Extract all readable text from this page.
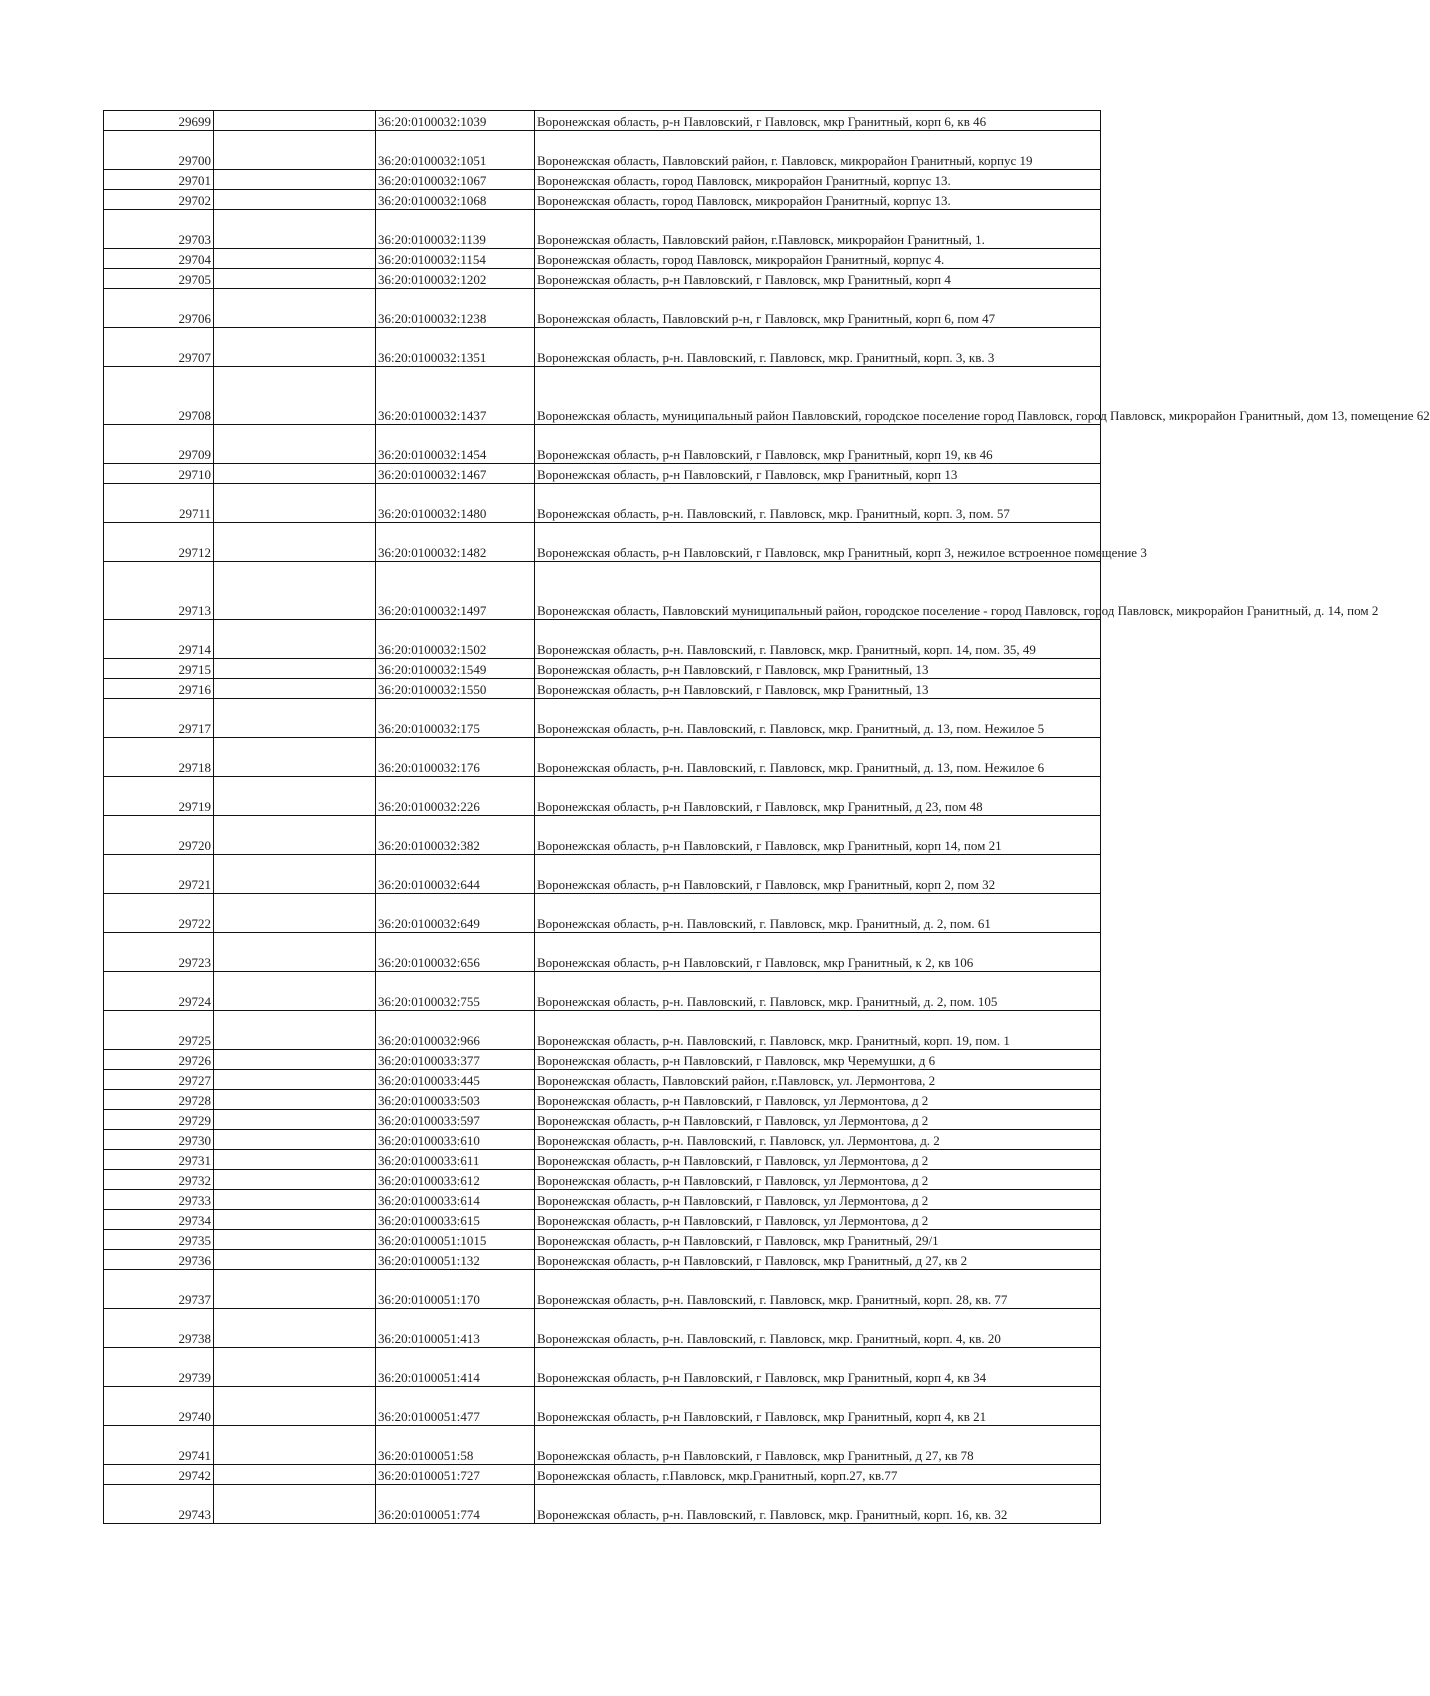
29699		36:20:0100032:1039	Воронежская область, р-н Павловский, г Павловск, мкр Гранитный, корп 6, кв 46
29700		36:20:0100032:1051	Воронежская область, Павловский район, г. Павловск, микрорайон Гранитный, корпус 19
29701		36:20:0100032:1067	Воронежская область, город Павловск, микрорайон Гранитный, корпус 13.
29702		36:20:0100032:1068	Воронежская область, город Павловск, микрорайон Гранитный, корпус 13.
29703		36:20:0100032:1139	Воронежская область, Павловский район, г.Павловск, микрорайон Гранитный, 1.
29704		36:20:0100032:1154	Воронежская область, город Павловск, микрорайон Гранитный, корпус 4.
29705		36:20:0100032:1202	Воронежская область, р-н Павловский, г Павловск, мкр Гранитный, корп 4
29706		36:20:0100032:1238	Воронежская область, Павловский р-н, г Павловск, мкр Гранитный, корп 6, пом 47
29707		36:20:0100032:1351	Воронежская область, р-н. Павловский, г. Павловск, мкр. Гранитный, корп. 3, кв. 3
29708		36:20:0100032:1437	Воронежская область, муниципальный район Павловский, городское поселение город Павловск, город Павловск, микрорайон Гранитный, дом 13, помещение 62
29709		36:20:0100032:1454	Воронежская область, р-н Павловский, г Павловск, мкр Гранитный, корп 19, кв 46
29710		36:20:0100032:1467	Воронежская область, р-н Павловский, г Павловск, мкр Гранитный, корп 13
29711		36:20:0100032:1480	Воронежская область, р-н. Павловский, г. Павловск, мкр. Гранитный, корп. 3, пом. 57
29712		36:20:0100032:1482	Воронежская область, р-н Павловский, г Павловск, мкр Гранитный, корп 3, нежилое встроенное помещение 3
29713		36:20:0100032:1497	Воронежская область, Павловский муниципальный район, городское поселение - город Павловск, город Павловск, микрорайон Гранитный, д. 14, пом 2
29714		36:20:0100032:1502	Воронежская область, р-н. Павловский, г. Павловск, мкр. Гранитный, корп. 14, пом. 35, 49
29715		36:20:0100032:1549	Воронежская область, р-н Павловский, г Павловск, мкр Гранитный, 13
29716		36:20:0100032:1550	Воронежская область, р-н Павловский, г Павловск, мкр Гранитный, 13
29717		36:20:0100032:175	Воронежская область, р-н. Павловский, г. Павловск, мкр. Гранитный, д. 13, пом. Нежилое 5
29718		36:20:0100032:176	Воронежская область, р-н. Павловский, г. Павловск, мкр. Гранитный, д. 13, пом. Нежилое 6
29719		36:20:0100032:226	Воронежская область, р-н Павловский, г Павловск, мкр Гранитный, д 23, пом 48
29720		36:20:0100032:382	Воронежская область, р-н Павловский, г Павловск, мкр Гранитный, корп 14, пом 21
29721		36:20:0100032:644	Воронежская область, р-н Павловский, г Павловск, мкр Гранитный, корп 2, пом 32
29722		36:20:0100032:649	Воронежская область, р-н. Павловский, г. Павловск, мкр. Гранитный, д. 2, пом. 61
29723		36:20:0100032:656	Воронежская область, р-н Павловский, г Павловск, мкр Гранитный, к 2, кв 106
29724		36:20:0100032:755	Воронежская область, р-н. Павловский, г. Павловск, мкр. Гранитный, д. 2, пом. 105
29725		36:20:0100032:966	Воронежская область, р-н. Павловский, г. Павловск, мкр. Гранитный, корп. 19, пом. 1
29726		36:20:0100033:377	Воронежская область, р-н Павловский, г Павловск, мкр Черемушки, д 6
29727		36:20:0100033:445	Воронежская область, Павловский район, г.Павловск, ул. Лермонтова, 2
29728		36:20:0100033:503	Воронежская область, р-н Павловский, г Павловск, ул Лермонтова, д 2
29729		36:20:0100033:597	Воронежская область, р-н Павловский, г Павловск, ул Лермонтова, д 2
29730		36:20:0100033:610	Воронежская область, р-н. Павловский, г. Павловск, ул. Лермонтова, д. 2
29731		36:20:0100033:611	Воронежская область, р-н Павловский, г Павловск, ул Лермонтова, д 2
29732		36:20:0100033:612	Воронежская область, р-н Павловский, г Павловск, ул Лермонтова, д 2
29733		36:20:0100033:614	Воронежская область, р-н Павловский, г Павловск, ул Лермонтова, д 2
29734		36:20:0100033:615	Воронежская область, р-н Павловский, г Павловск, ул Лермонтова, д 2
29735		36:20:0100051:1015	Воронежская область, р-н Павловский, г Павловск, мкр Гранитный, 29/1
29736		36:20:0100051:132	Воронежская область, р-н Павловский, г Павловск, мкр Гранитный, д 27, кв 2
29737		36:20:0100051:170	Воронежская область, р-н. Павловский, г. Павловск, мкр. Гранитный, корп. 28, кв. 77
29738		36:20:0100051:413	Воронежская область, р-н. Павловский, г. Павловск, мкр. Гранитный, корп. 4, кв. 20
29739		36:20:0100051:414	Воронежская область, р-н Павловский, г Павловск, мкр Гранитный, корп 4, кв 34
29740		36:20:0100051:477	Воронежская область, р-н Павловский, г Павловск, мкр Гранитный, корп 4, кв 21
29741		36:20:0100051:58	Воронежская область, р-н Павловский, г Павловск, мкр Гранитный, д 27, кв 78
29742		36:20:0100051:727	Воронежская область, г.Павловск, мкр.Гранитный, корп.27, кв.77
29743		36:20:0100051:774	Воронежская область, р-н. Павловский, г. Павловск, мкр. Гранитный, корп. 16, кв. 32
